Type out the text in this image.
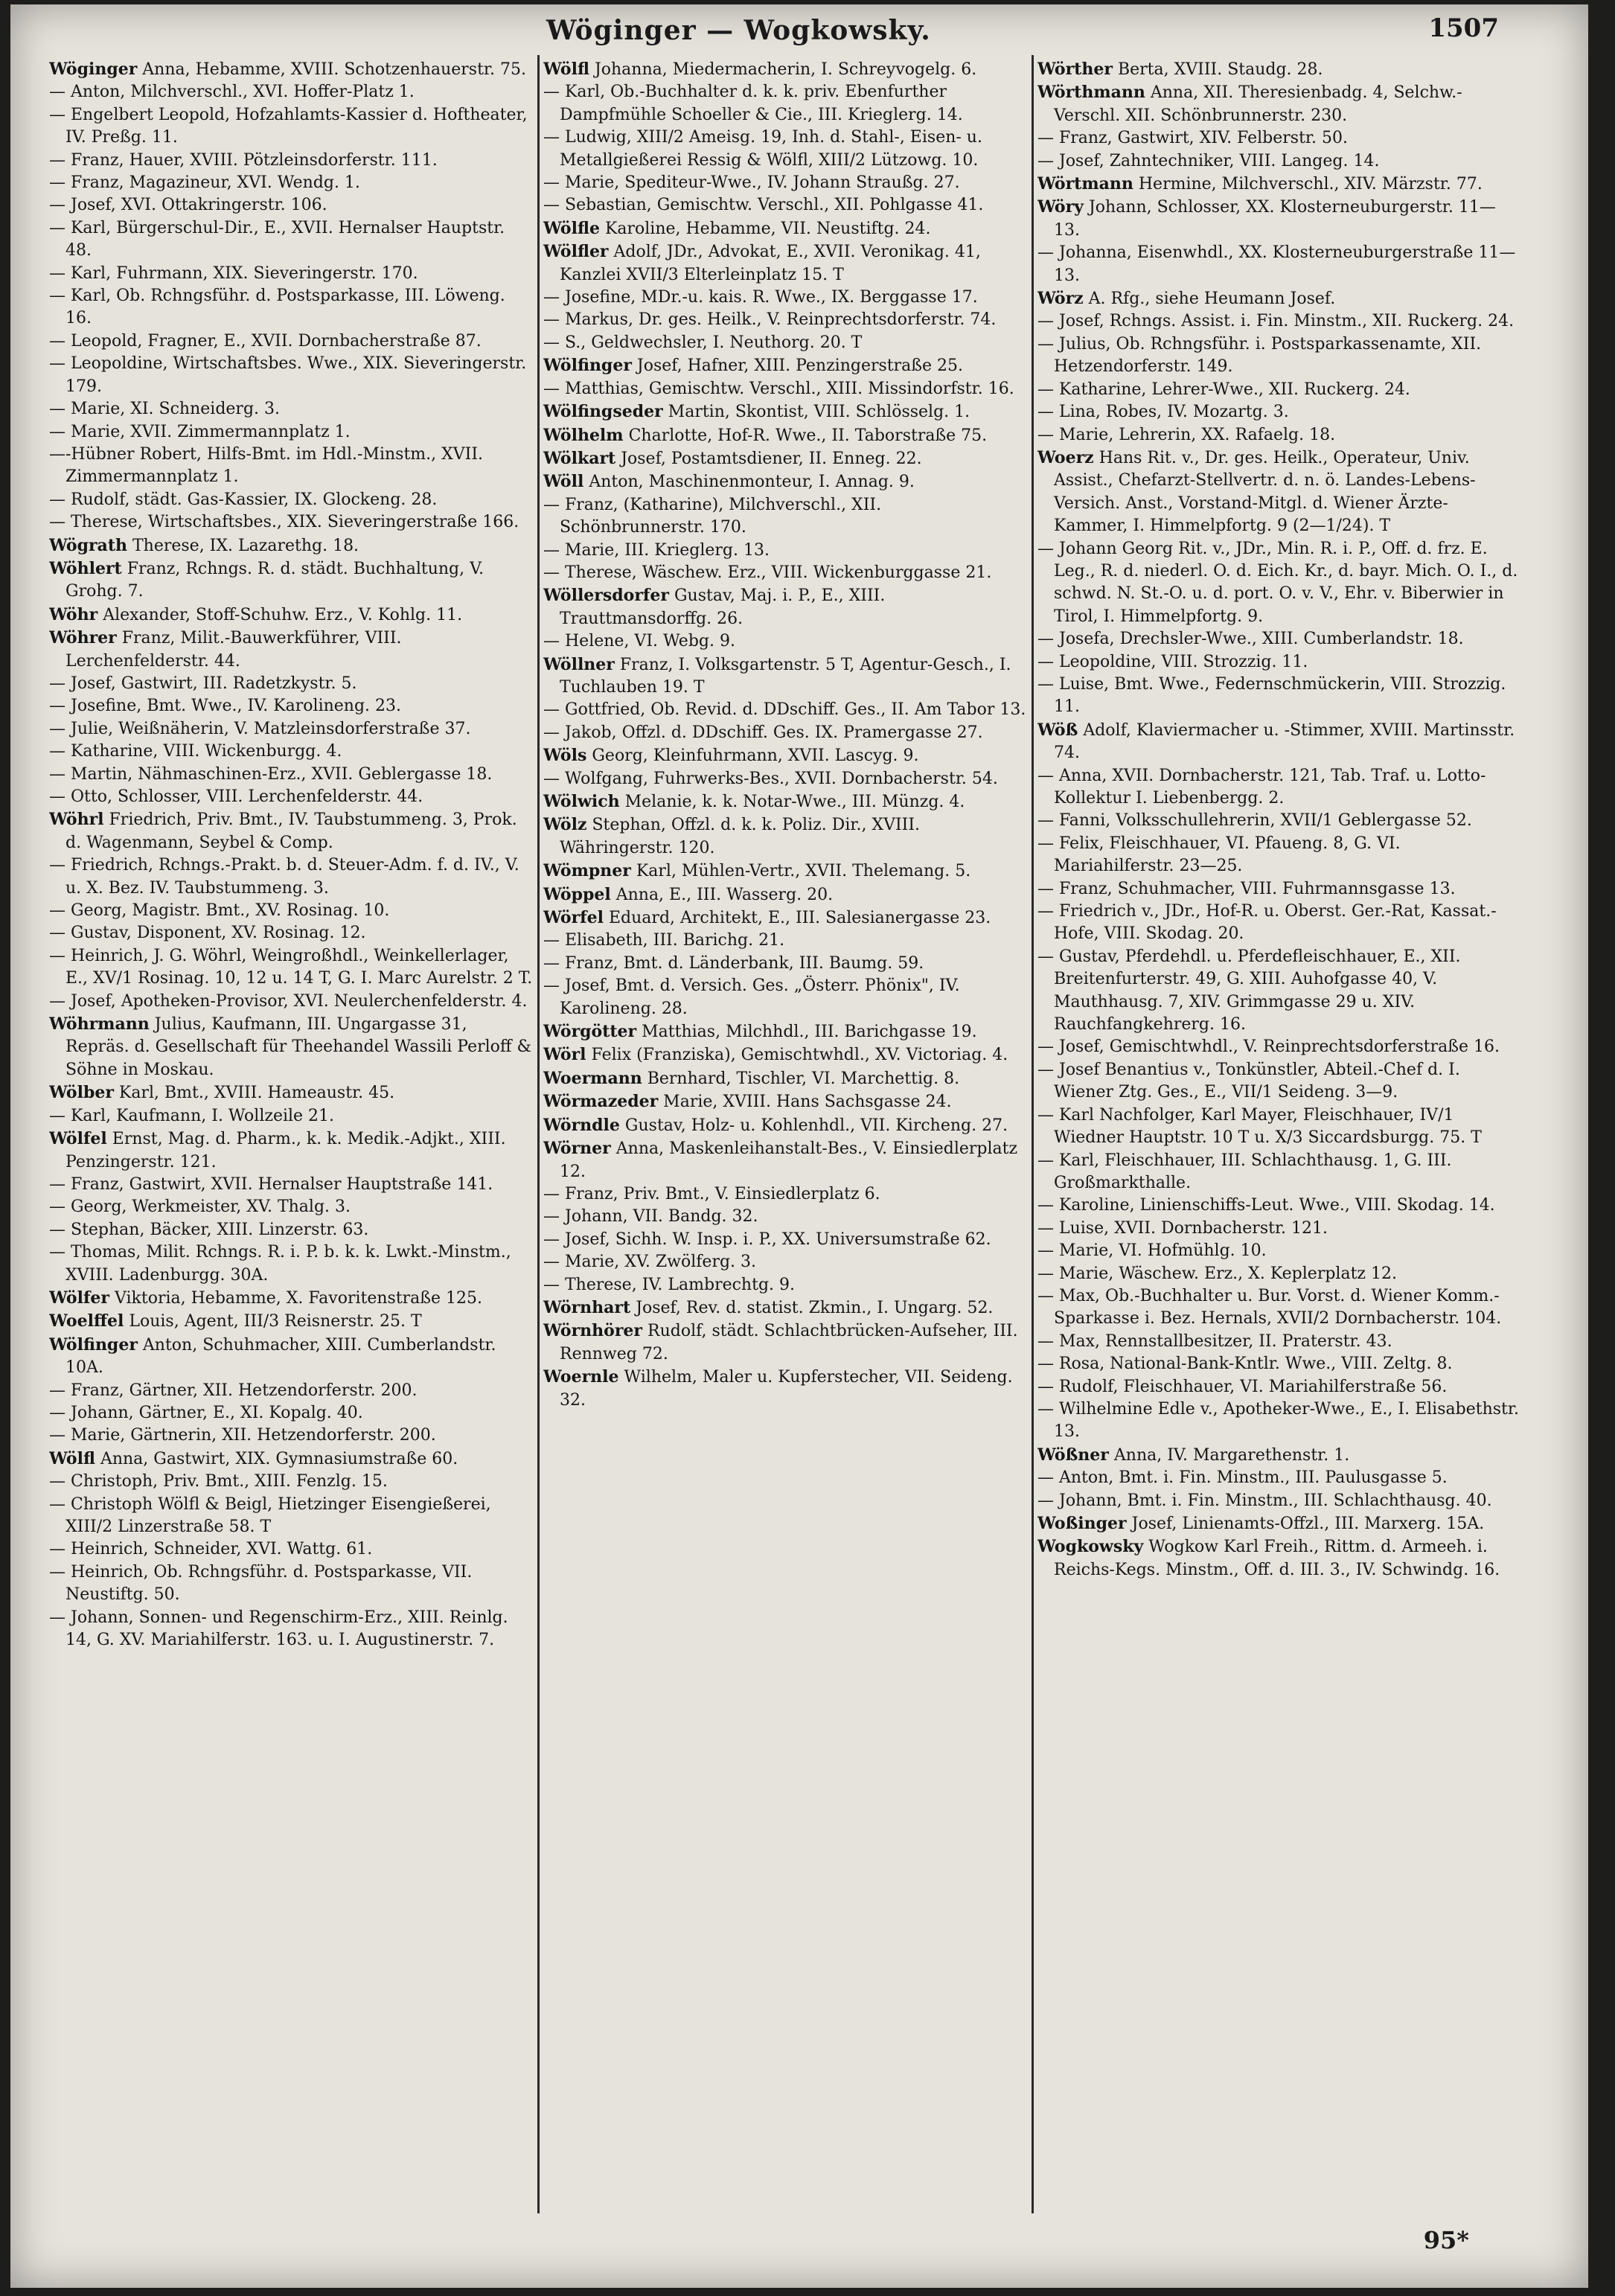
Wöginger — Wogkowsky.	1507
Wöginger Anna, Hebamme, XVIII. Schotzenhauerstr. 75.
— Anton, Milchverschl., XVI. Hoffer-Platz 1.
— Engelbert Leopold, Hofzahlamts-Kassier d. Hoftheater, IV. Preßg. 11.
— Franz, Hauer, XVIII. Pötzleinsdorferstr. 111.
— Franz, Magazineur, XVI. Wendg. 1.
— Josef, XVI. Ottakringerstr. 106.
— Karl, Bürgerschul-Dir., E., XVII. Hernalser Hauptstr. 48.
— Karl, Fuhrmann, XIX. Sieveringerstr. 170.
— Karl, Ob. Rchngsführ. d. Postsparkasse, III. Löweng. 16.
— Leopold, Fragner, E., XVII. Dornbacherstraße 87.
— Leopoldine, Wirtschaftsbes. Wwe., XIX. Sieveringerstr. 179.
— Marie, XI. Schneiderg. 3.
— Marie, XVII. Zimmermannplatz 1.
—-Hübner Robert, Hilfs-Bmt. im Hdl.-Minstm., XVII. Zimmermannplatz 1.
— Rudolf, städt. Gas-Kassier, IX. Glockeng. 28.
— Therese, Wirtschaftsbes., XIX. Sieveringerstraße 166.
Wögrath Therese, IX. Lazarethg. 18.
Wöhlert Franz, Rchngs. R. d. städt. Buchhaltung, V. Grohg. 7.
Wöhr Alexander, Stoff-Schuhw. Erz., V. Kohlg. 11.
Wöhrer Franz, Milit.-Bauwerkführer, VIII. Lerchenfelderstr. 44.
— Josef, Gastwirt, III. Radetzkystr. 5.
— Josefine, Bmt. Wwe., IV. Karolineng. 23.
— Julie, Weißnäherin, V. Matzleinsdorferstraße 37.
— Katharine, VIII. Wickenburgg. 4.
— Martin, Nähmaschinen-Erz., XVII. Geblergasse 18.
— Otto, Schlosser, VIII. Lerchenfelderstr. 44.
Wöhrl Friedrich, Priv. Bmt., IV. Taubstummeng. 3, Prok. d. Wagenmann, Seybel & Comp.
— Friedrich, Rchngs.-Prakt. b. d. Steuer-Adm. f. d. IV., V. u. X. Bez. IV. Taubstummeng. 3.
— Georg, Magistr. Bmt., XV. Rosinag. 10.
— Gustav, Disponent, XV. Rosinag. 12.
— Heinrich, J. G. Wöhrl, Weingroßhdl., Weinkellerlager, E., XV/1 Rosinag. 10, 12 u. 14 T, G. I. Marc Aurelstr. 2 T.
— Josef, Apotheken-Provisor, XVI. Neulerchenfelderstr. 4.
Wöhrmann Julius, Kaufmann, III. Ungargasse 31, Repräs. d. Gesellschaft für Theehandel Wassili Perloff & Söhne in Moskau.
Wölber Karl, Bmt., XVIII. Hameaustr. 45.
— Karl, Kaufmann, I. Wollzeile 21.
Wölfel Ernst, Mag. d. Pharm., k. k. Medik.-Adjkt., XIII. Penzingerstr. 121.
— Franz, Gastwirt, XVII. Hernalser Hauptstraße 141.
— Georg, Werkmeister, XV. Thalg. 3.
— Stephan, Bäcker, XIII. Linzerstr. 63.
— Thomas, Milit. Rchngs. R. i. P. b. k. k. Lwkt.-Minstm., XVIII. Ladenburgg. 30A.
Wölfer Viktoria, Hebamme, X. Favoritenstraße 125.
Woelffel Louis, Agent, III/3 Reisnerstr. 25. T
Wölfinger Anton, Schuhmacher, XIII. Cumberlandstr. 10A.
— Franz, Gärtner, XII. Hetzendorferstr. 200.
— Johann, Gärtner, E., XI. Kopalg. 40.
— Marie, Gärtnerin, XII. Hetzendorferstr. 200.
Wölfl Anna, Gastwirt, XIX. Gymnasiumstraße 60.
— Christoph, Priv. Bmt., XIII. Fenzlg. 15.
— Christoph Wölfl & Beigl, Hietzinger Eisengießerei, XIII/2 Linzerstraße 58. T
— Heinrich, Schneider, XVI. Wattg. 61.
— Heinrich, Ob. Rchngsführ. d. Postsparkasse, VII. Neustiftg. 50.
— Johann, Sonnen- und Regenschirm-Erz., XIII. Reinlg. 14, G. XV. Mariahilferstr. 163. u. I. Augustinerstr. 7.
Wölfl Johanna, Miedermacherin, I. Schreyvogelg. 6.
— Karl, Ob.-Buchhalter d. k. k. priv. Ebenfurther Dampfmühle Schoeller & Cie., III. Krieglerg. 14.
— Ludwig, XIII/2 Ameisg. 19, Inh. d. Stahl-, Eisen- u. Metallgießerei Ressig & Wölfl, XIII/2 Lützowg. 10.
— Marie, Spediteur-Wwe., IV. Johann Straußg. 27.
— Sebastian, Gemischtw. Verschl., XII. Pohlgasse 41.
Wölfle Karoline, Hebamme, VII. Neustiftg. 24.
Wölfler Adolf, JDr., Advokat, E., XVII. Veronikag. 41, Kanzlei XVII/3 Elterleinplatz 15. T
— Josefine, MDr.-u. kais. R. Wwe., IX. Berggasse 17.
— Markus, Dr. ges. Heilk., V. Reinprechtsdorferstr. 74.
— S., Geldwechsler, I. Neuthorg. 20. T
Wölfinger Josef, Hafner, XIII. Penzingerstraße 25.
— Matthias, Gemischtw. Verschl., XIII. Missindorfstr. 16.
Wölfingseder Martin, Skontist, VIII. Schlösselg. 1.
Wölhelm Charlotte, Hof-R. Wwe., II. Taborstraße 75.
Wölkart Josef, Postamtsdiener, II. Enneg. 22.
Wöll Anton, Maschinenmonteur, I. Annag. 9.
— Franz, (Katharine), Milchverschl., XII. Schönbrunnerstr. 170.
— Marie, III. Krieglerg. 13.
— Therese, Wäschew. Erz., VIII. Wickenburggasse 21.
Wöllersdorfer Gustav, Maj. i. P., E., XIII. Trauttmansdorffg. 26.
— Helene, VI. Webg. 9.
Wöllner Franz, I. Volksgartenstr. 5 T, Agentur-Gesch., I. Tuchlauben 19. T
— Gottfried, Ob. Revid. d. DDschiff. Ges., II. Am Tabor 13.
— Jakob, Offzl. d. DDschiff. Ges. IX. Pramergasse 27.
Wöls Georg, Kleinfuhrmann, XVII. Lascyg. 9.
— Wolfgang, Fuhrwerks-Bes., XVII. Dornbacherstr. 54.
Wölwich Melanie, k. k. Notar-Wwe., III. Münzg. 4.
Wölz Stephan, Offzl. d. k. k. Poliz. Dir., XVIII. Währingerstr. 120.
Wömpner Karl, Mühlen-Vertr., XVII. Thelemang. 5.
Wöppel Anna, E., III. Wasserg. 20.
Wörfel Eduard, Architekt, E., III. Salesianergasse 23.
— Elisabeth, III. Barichg. 21.
— Franz, Bmt. d. Länderbank, III. Baumg. 59.
— Josef, Bmt. d. Versich. Ges. „Österr. Phönix", IV. Karolineng. 28.
Wörgötter Matthias, Milchhdl., III. Barichgasse 19.
Wörl Felix (Franziska), Gemischtwhdl., XV. Victoriag. 4.
Woermann Bernhard, Tischler, VI. Marchettig. 8.
Wörmazeder Marie, XVIII. Hans Sachsgasse 24.
Wörndle Gustav, Holz- u. Kohlenhdl., VII. Kircheng. 27.
Wörner Anna, Maskenleihanstalt-Bes., V. Einsiedlerplatz 12.
— Franz, Priv. Bmt., V. Einsiedlerplatz 6.
— Johann, VII. Bandg. 32.
— Josef, Sichh. W. Insp. i. P., XX. Universumstraße 62.
— Marie, XV. Zwölferg. 3.
— Therese, IV. Lambrechtg. 9.
Wörnhart Josef, Rev. d. statist. Zkmin., I. Ungarg. 52.
Wörnhörer Rudolf, städt. Schlachtbrücken-Aufseher, III. Rennweg 72.
Woernle Wilhelm, Maler u. Kupferstecher, VII. Seideng. 32.
Wörther Berta, XVIII. Staudg. 28.
Wörthmann Anna, XII. Theresienbadg. 4, Selchw.-Verschl. XII. Schönbrunnerstr. 230.
— Franz, Gastwirt, XIV. Felberstr. 50.
— Josef, Zahntechniker, VIII. Langeg. 14.
Wörtmann Hermine, Milchverschl., XIV. Märzstr. 77.
Wöry Johann, Schlosser, XX. Klosterneuburgerstr. 11—13.
— Johanna, Eisenwhdl., XX. Klosterneuburgerstraße 11—13.
Wörz A. Rfg., siehe Heumann Josef.
— Josef, Rchngs. Assist. i. Fin. Minstm., XII. Ruckerg. 24.
— Julius, Ob. Rchngsführ. i. Postsparkassenamte, XII. Hetzendorferstr. 149.
— Katharine, Lehrer-Wwe., XII. Ruckerg. 24.
— Lina, Robes, IV. Mozartg. 3.
— Marie, Lehrerin, XX. Rafaelg. 18.
Woerz Hans Rit. v., Dr. ges. Heilk., Operateur, Univ. Assist., Chefarzt-Stellvertr. d. n. ö. Landes-Lebens-Versich. Anst., Vorstand-Mitgl. d. Wiener Ärzte-Kammer, I. Himmelpfortg. 9 (2—1/24). T
— Johann Georg Rit. v., JDr., Min. R. i. P., Off. d. frz. E. Leg., R. d. niederl. O. d. Eich. Kr., d. bayr. Mich. O. I., d. schwd. N. St.-O. u. d. port. O. v. V., Ehr. v. Biberwier in Tirol, I. Himmelpfortg. 9.
— Josefa, Drechsler-Wwe., XIII. Cumberlandstr. 18.
— Leopoldine, VIII. Strozzig. 11.
— Luise, Bmt. Wwe., Federnschmückerin, VIII. Strozzig. 11.
Wöß Adolf, Klaviermacher u. -Stimmer, XVIII. Martinsstr. 74.
— Anna, XVII. Dornbacherstr. 121, Tab. Traf. u. Lotto-Kollektur I. Liebenbergg. 2.
— Fanni, Volksschullehrerin, XVII/1 Geblergasse 52.
— Felix, Fleischhauer, VI. Pfaueng. 8, G. VI. Mariahilferstr. 23—25.
— Franz, Schuhmacher, VIII. Fuhrmannsgasse 13.
— Friedrich v., JDr., Hof-R. u. Oberst. Ger.-Rat, Kassat.-Hofe, VIII. Skodag. 20.
— Gustav, Pferdehdl. u. Pferdefleischhauer, E., XII. Breitenfurterstr. 49, G. XIII. Auhofgasse 40, V. Mauthhausg. 7, XIV. Grimmgasse 29 u. XIV. Rauchfangkehrerg. 16.
— Josef, Gemischtwhdl., V. Reinprechtsdorferstraße 16.
— Josef Benantius v., Tonkünstler, Abteil.-Chef d. I. Wiener Ztg. Ges., E., VII/1 Seideng. 3—9.
— Karl Nachfolger, Karl Mayer, Fleischhauer, IV/1 Wiedner Hauptstr. 10 T u. X/3 Siccardsburgg. 75. T
— Karl, Fleischhauer, III. Schlachthausg. 1, G. III. Großmarkthalle.
— Karoline, Linienschiffs-Leut. Wwe., VIII. Skodag. 14.
— Luise, XVII. Dornbacherstr. 121.
— Marie, VI. Hofmühlg. 10.
— Marie, Wäschew. Erz., X. Keplerplatz 12.
— Max, Ob.-Buchhalter u. Bur. Vorst. d. Wiener Komm.-Sparkasse i. Bez. Hernals, XVII/2 Dornbacherstr. 104.
— Max, Rennstallbesitzer, II. Praterstr. 43.
— Rosa, National-Bank-Kntlr. Wwe., VIII. Zeltg. 8.
— Rudolf, Fleischhauer, VI. Mariahilferstraße 56.
— Wilhelmine Edle v., Apotheker-Wwe., E., I. Elisabethstr. 13.
Wößner Anna, IV. Margarethenstr. 1.
— Anton, Bmt. i. Fin. Minstm., III. Paulusgasse 5.
— Johann, Bmt. i. Fin. Minstm., III. Schlachthausg. 40.
Woßinger Josef, Linienamts-Offzl., III. Marxerg. 15A.
Wogkowsky Wogkow Karl Freih., Rittm. d. Armeeh. i. Reichs-Kegs. Minstm., Off. d. III. 3., IV. Schwindg. 16.
95*
